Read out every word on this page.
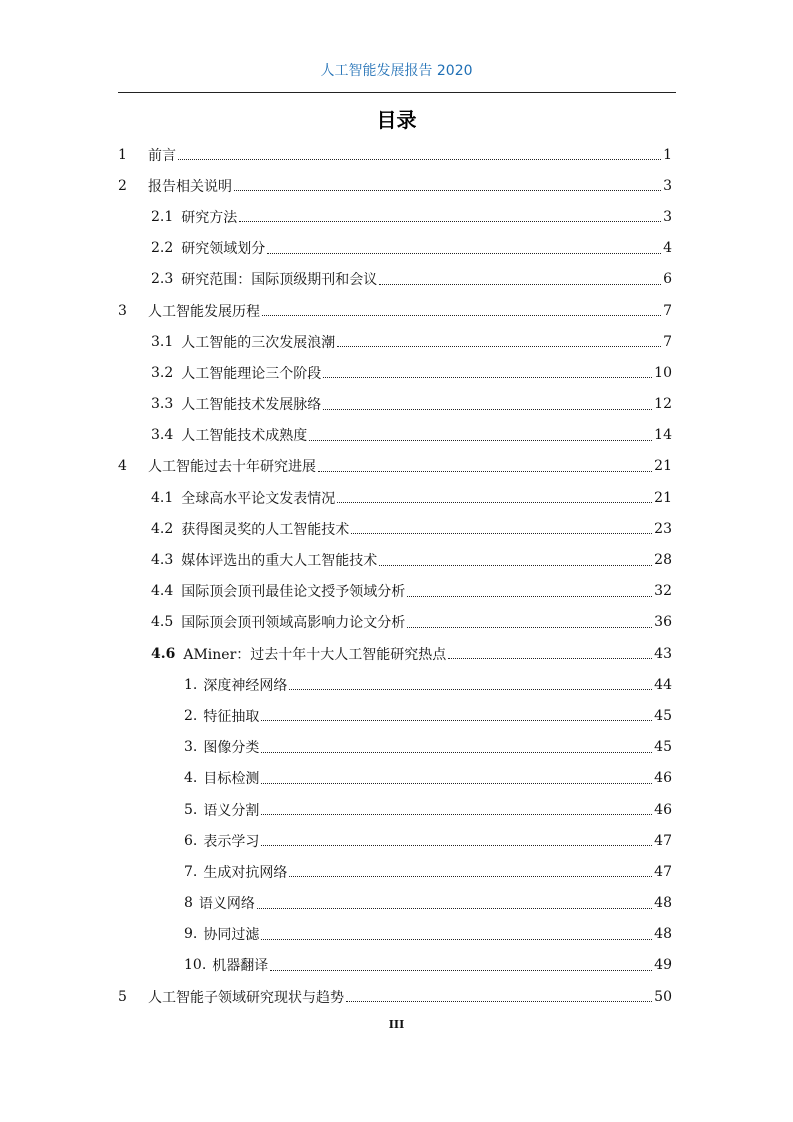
人工智能发展报告 2020
目录
1	前言	1
2	报告相关说明	3
2.1 研究方法	3
2.2 研究领域划分	4
2.3 研究范围：国际顶级期刊和会议	6
3	人工智能发展历程	7
3.1 人工智能的三次发展浪潮	7
3.2 人工智能理论三个阶段	10
3.3 人工智能技术发展脉络	12
3.4 人工智能技术成熟度	14
4	人工智能过去十年研究进展	21
4.1 全球高水平论文发表情况	21
4.2 获得图灵奖的人工智能技术	23
4.3 媒体评选出的重大人工智能技术	28
4.4 国际顶会顶刊最佳论文授予领域分析	32
4.5 国际顶会顶刊领域高影响力论文分析	36
4.6 AMiner：过去十年十大人工智能研究热点	43
1. 深度神经网络	44
2. 特征抽取	45
3. 图像分类	45
4. 目标检测	46
5. 语义分割	46
6. 表示学习	47
7. 生成对抗网络	47
8 语义网络	48
9. 协同过滤	48
10. 机器翻译	49
5	人工智能子领域研究现状与趋势	50
III
